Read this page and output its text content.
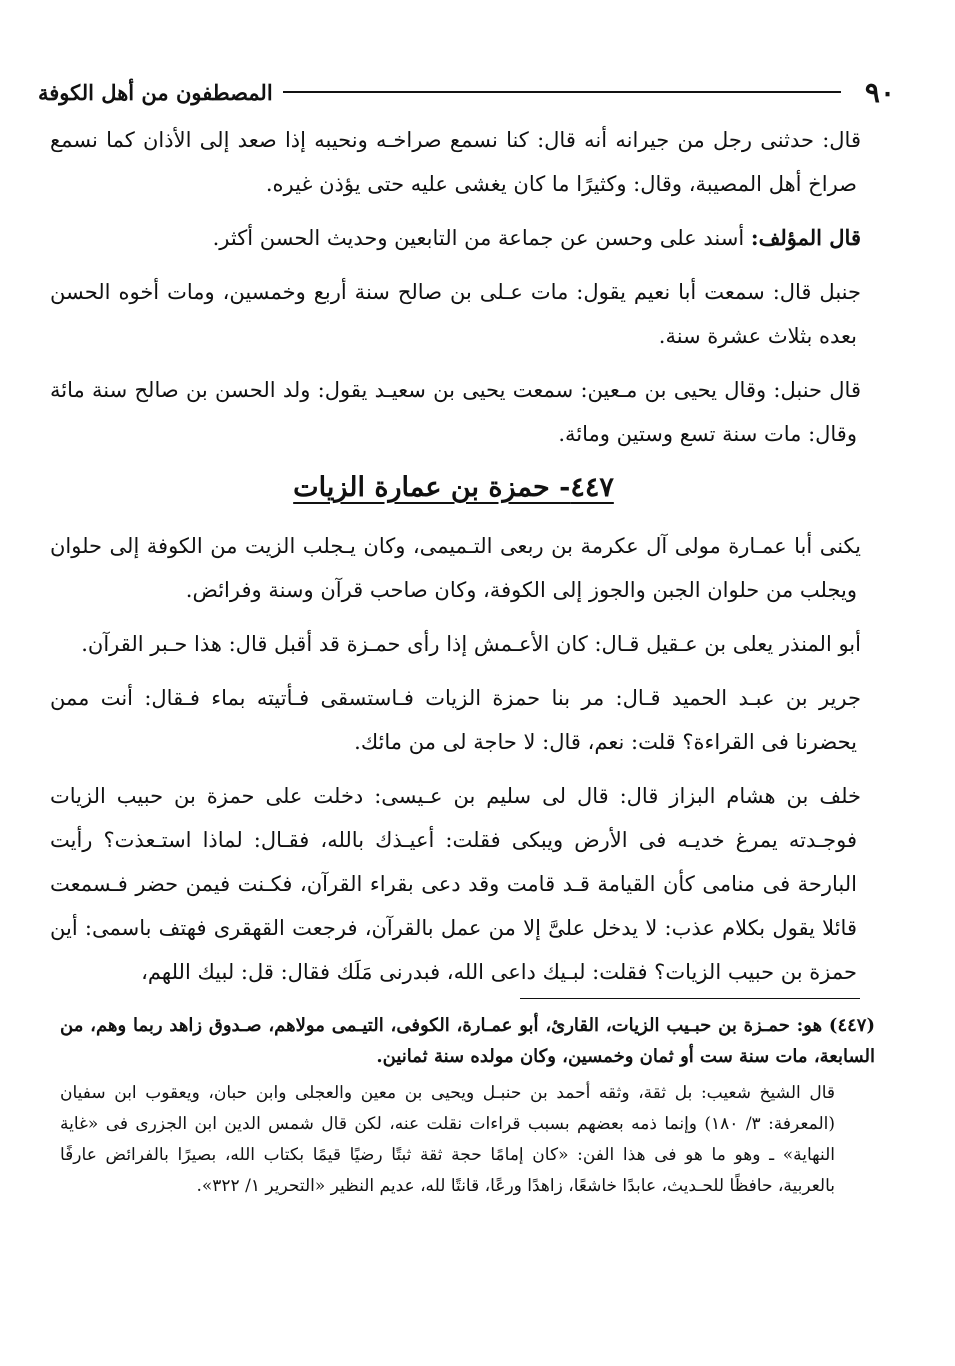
٩٠
المصطفون من أهل الكوفة

قال: حدثنى رجل من جيرانه أنه قال: كنا نسمع صراخـه ونحيبه إذا صعد إلى الأذان كما نسمع صراخ أهل المصيبة، وقال: وكثيرًا ما كان يغشى عليه حتى يؤذن غيره.

قال المؤلف: أسند على وحسن عن جماعة من التابعين وحديث الحسن أكثر.

جنبل قال: سمعت أبا نعيم يقول: مات عـلى بن صالح سنة أربع وخمسين، ومات أخوه الحسن بعده بثلاث عشرة سنة.

قال حنبل: وقال يحيى بن مـعين: سمعت يحيى بن سعيـد يقول: ولد الحسن بن صالح سنة مائة وقال: مات سنة تسع وستين ومائة.

٤٤٧- حمزة بن عمارة الزيات

يكنى أبا عمـارة مولى آل عكرمة بن ربعى التـميمى، وكان يـجلب الزيت من الكوفة إلى حلوان ويجلب من حلوان الجبن والجوز إلى الكوفة، وكان صاحب قرآن وسنة وفرائض.

أبو المنذر يعلى بن عـقيل قـال: كان الأعـمش إذا رأى حمـزة قد أقبل قال: هذا حـبر القرآن.

جرير بن عبـد الحميد قـال: مر بنا حمزة الزيات فـاستسقى فـأتيته بماء فـقال: أنت ممن يحضرنا فى القراءة؟ قلت: نعم، قال: لا حاجة لى من مائك.

خلف بن هشام البزاز قال: قال لى سليم بن عـيسى: دخلت على حمزة بن حبيب الزيات فوجـدته يمرغ خديـه فى الأرض ويبكى فقلت: أعيـذك بالله، فقـال: لماذا استـعذت؟ رأيت البارحة فى منامى كأن القيامة قـد قامت وقد دعى بقراء القرآن، فكـنت فيمن حضر فـسمعت قائلا يقول بكلام عذب: لا يدخل علىَّ إلا من عمل بالقرآن، فرجعت القهقرى فهتف باسمى: أين حمزة بن حبيب الزيات؟ فقلت: لبـيك داعى الله، فبدرنى مَلَك فقال: قل: لبيك اللهم،

(٤٤٧) هو: حمـزة بن حبـيب الزيات، القارئ، أبو عمـارة، الكوفى، التيـمى مولاهم، صـدوق زاهد ربما وهم، من السابعة، مات سنة ست أو ثمان وخمسين، وكان مولده سنة ثمانين.

قال الشيخ شعيب: بل ثقة، وثقه أحمد بن حنبـل ويحيى بن معين والعجلى وابن حبان، ويعقوب ابن سفيان (المعرفة: ٣/ ١٨٠) وإنما ذمه بعضهم بسبب قراءات نقلت عنه، لكن قال شمس الدين ابن الجزرى فى «غاية النهاية» ـ وهو ما هو فى هذا الفن: «كان إمامًا حجة ثقة ثبتًا رضيًا قيمًا بكتاب الله، بصيرًا بالفرائض عارفًا بالعربية، حافظًا للحـديث، عابدًا خاشعًا، زاهدًا ورعًا، قانتًا لله، عديم النظير «التحرير ١/ ٣٢٢».
